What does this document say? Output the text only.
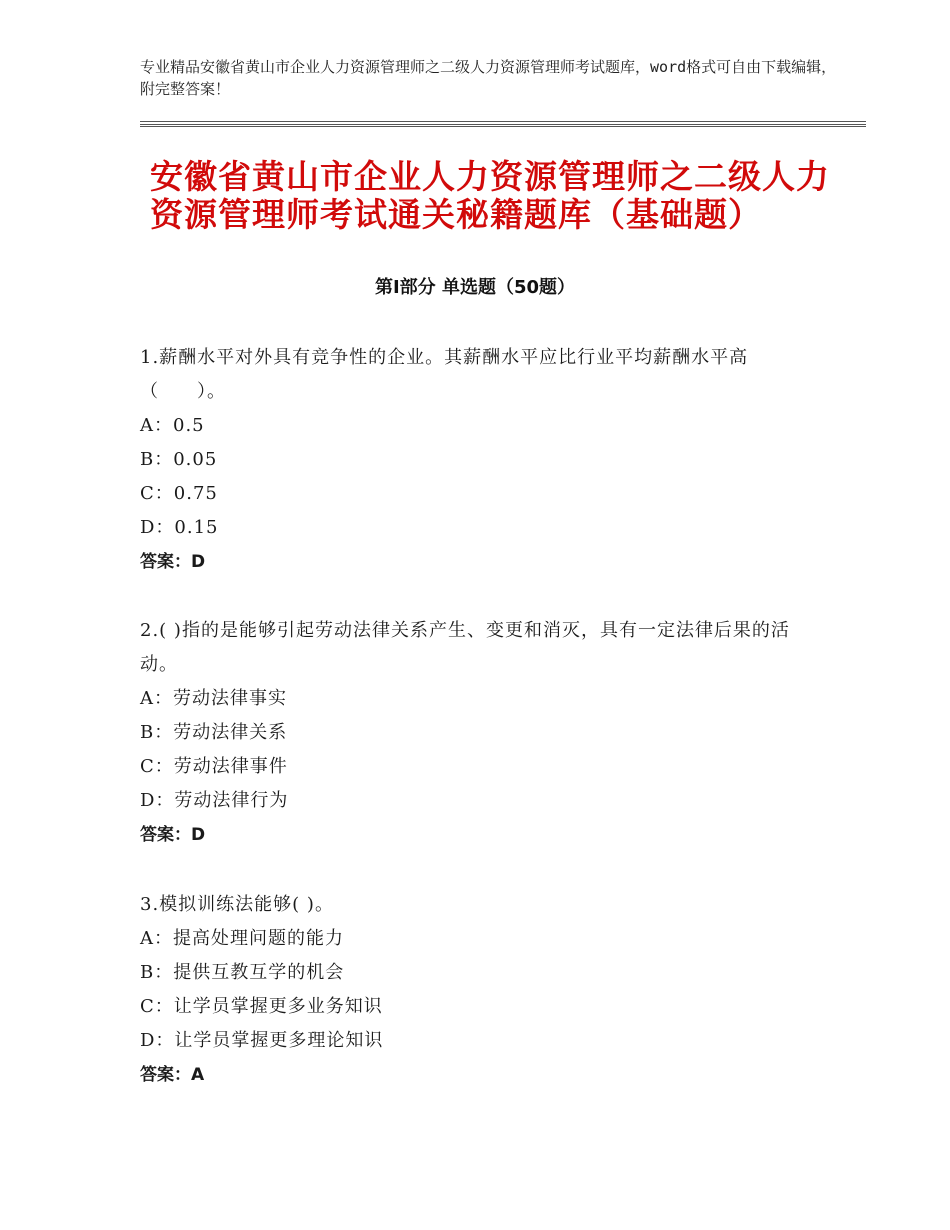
专业精品安徽省黄山市企业人力资源管理师之二级人力资源管理师考试题库，word格式可自由下载编辑，附完整答案！
安徽省黄山市企业人力资源管理师之二级人力资源管理师考试通关秘籍题库（基础题）
第Ⅰ部分 单选题（50题）
1.薪酬水平对外具有竞争性的企业。其薪酬水平应比行业平均薪酬水平高（　　）。
A：0.5
B：0.05
C：0.75
D：0.15
答案：D
2.( )指的是能够引起劳动法律关系产生、变更和消灭，具有一定法律后果的活动。
A：劳动法律事实
B：劳动法律关系
C：劳动法律事件
D：劳动法律行为
答案：D
3.模拟训练法能够( )。
A：提高处理问题的能力
B：提供互教互学的机会
C：让学员掌握更多业务知识
D：让学员掌握更多理论知识
答案：A
